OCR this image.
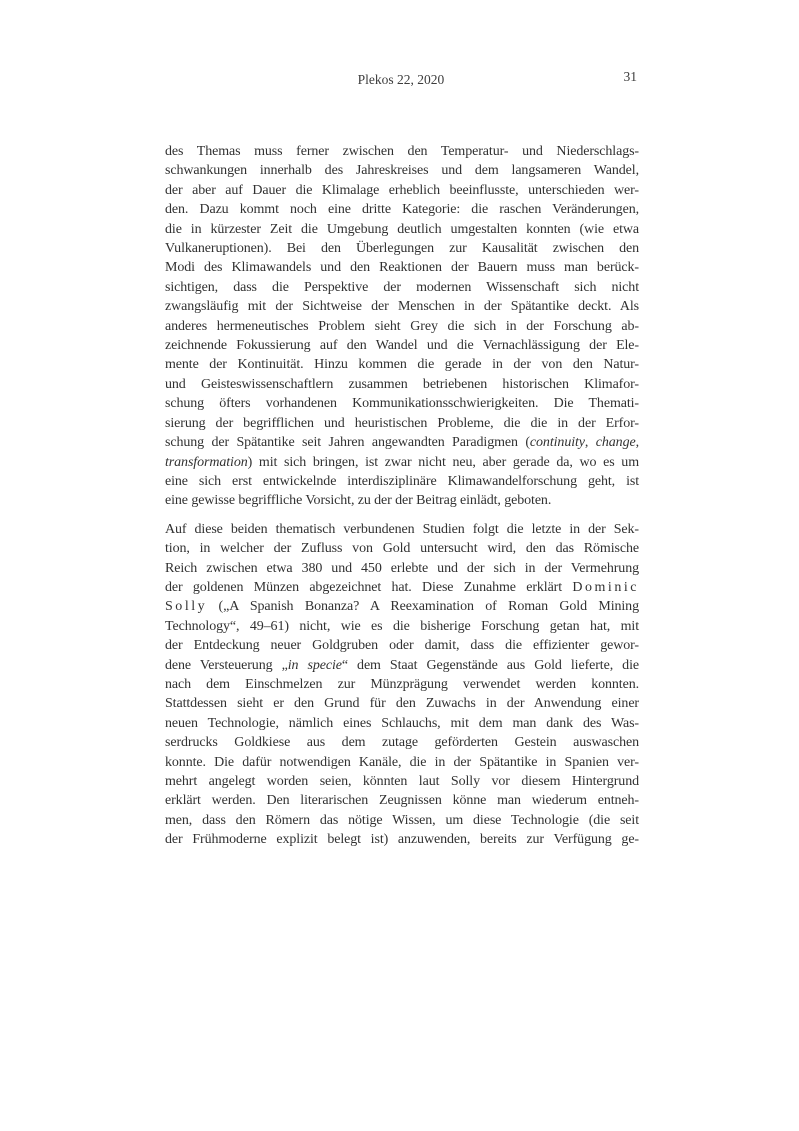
Plekos 22, 2020	31
des Themas muss ferner zwischen den Temperatur- und Niederschlags-
schwankungen innerhalb des Jahreskreises und dem langsameren Wandel,
der aber auf Dauer die Klimalage erheblich beeinflusste, unterschieden wer-
den. Dazu kommt noch eine dritte Kategorie: die raschen Veränderungen,
die in kürzester Zeit die Umgebung deutlich umgestalten konnten (wie etwa
Vulkaneruptionen). Bei den Überlegungen zur Kausalität zwischen den
Modi des Klimawandels und den Reaktionen der Bauern muss man berück-
sichtigen, dass die Perspektive der modernen Wissenschaft sich nicht
zwangsläufig mit der Sichtweise der Menschen in der Spätantike deckt. Als
anderes hermeneutisches Problem sieht Grey die sich in der Forschung ab-
zeichnende Fokussierung auf den Wandel und die Vernachlässigung der Ele-
mente der Kontinuität. Hinzu kommen die gerade in der von den Natur-
und Geisteswissenschaftlern zusammen betriebenen historischen Klimafor-
schung öfters vorhandenen Kommunikationsschwierigkeiten. Die Themati-
sierung der begrifflichen und heuristischen Probleme, die die in der Erfor-
schung der Spätantike seit Jahren angewandten Paradigmen (continuity, change,
transformation) mit sich bringen, ist zwar nicht neu, aber gerade da, wo es um
eine sich erst entwickelnde interdisziplinäre Klimawandelforschung geht, ist
eine gewisse begriffliche Vorsicht, zu der der Beitrag einlädt, geboten.
Auf diese beiden thematisch verbundenen Studien folgt die letzte in der Sek-
tion, in welcher der Zufluss von Gold untersucht wird, den das Römische
Reich zwischen etwa 380 und 450 erlebte und der sich in der Vermehrung
der goldenen Münzen abgezeichnet hat. Diese Zunahme erklärt Dominic
Solly („A Spanish Bonanza? A Reexamination of Roman Gold Mining
Technology“, 49–61) nicht, wie es die bisherige Forschung getan hat, mit
der Entdeckung neuer Goldgruben oder damit, dass die effizienter gewor-
dene Versteuerung „in specie“ dem Staat Gegenstände aus Gold lieferte, die
nach dem Einschmelzen zur Münzprägung verwendet werden konnten.
Stattdessen sieht er den Grund für den Zuwachs in der Anwendung einer
neuen Technologie, nämlich eines Schlauchs, mit dem man dank des Was-
serdrucks Goldkiese aus dem zutage geförderten Gestein auswaschen
konnte. Die dafür notwendigen Kanäle, die in der Spätantike in Spanien ver-
mehrt angelegt worden seien, könnten laut Solly vor diesem Hintergrund
erklärt werden. Den literarischen Zeugnissen könne man wiederum entneh-
men, dass den Römern das nötige Wissen, um diese Technologie (die seit
der Frühmoderne explizit belegt ist) anzuwenden, bereits zur Verfügung ge-
